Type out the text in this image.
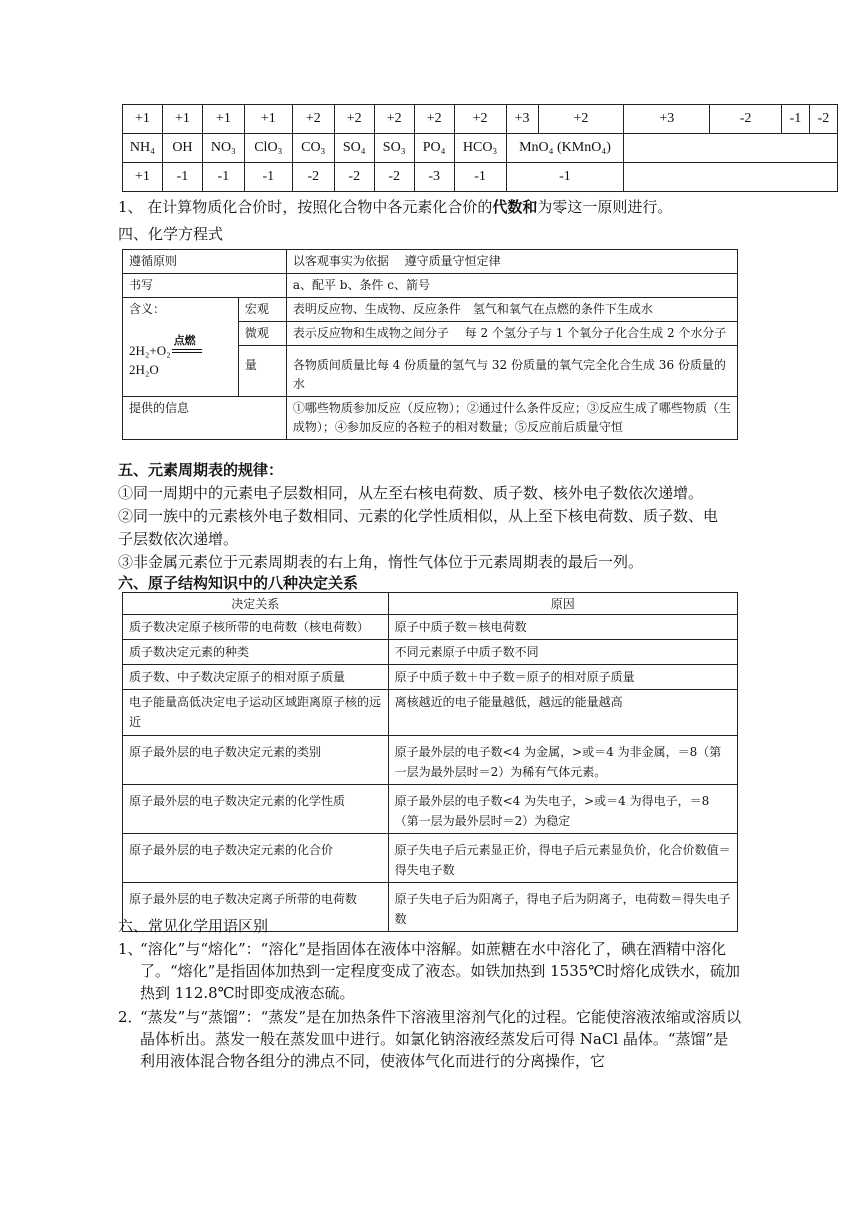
+1	+1	+1	+1	+2	+2	+2	+2	+2	+3	+2	+3	-2	-1	-2
NH₄	OH	NO₃	ClO₃	CO₃	SO₄	SO₃	PO₄	HCO₃	MnO₄ (KMnO₄)					
+1	-1	-1	-1	-2	-2	-2	-3	-1	-1					
1、 在计算物质化合价时，按照化合物中各元素化合价的代数和为零这一原则进行。
四、化学方程式
遵循原则		以客观事实为依据　 遵守质量守恒定律
书写		a、配平 b、条件 c、箭号
含义：
2H₂+O₂
点燃
2H₂O	宏观	表明反应物、生成物、反应条件　氢气和氧气在点燃的条件下生成水
	微观	表示反应物和生成物之间分子　 每 2 个氢分子与 1 个氧分子化合生成 2 个水分子
	量	各物质间质量比每 4 份质量的氢气与 32 份质量的氧气完全化合生成 36 份质量的水
提供的信息		①哪些物质参加反应（反应物）；②通过什么条件反应；③反应生成了哪些物质（生成物）；④参加反应的各粒子的相对数量；⑤反应前后质量守恒
五、元素周期表的规律：
①同一周期中的元素电子层数相同，从左至右核电荷数、质子数、核外电子数依次递增。
②同一族中的元素核外电子数相同、元素的化学性质相似，从上至下核电荷数、质子数、电
子层数依次递增。
③非金属元素位于元素周期表的右上角，惰性气体位于元素周期表的最后一列。
六、原子结构知识中的八种决定关系
决定关系	原因
质子数决定原子核所带的电荷数（核电荷数）	原子中质子数＝核电荷数
质子数决定元素的种类	不同元素原子中质子数不同
质子数、中子数决定原子的相对原子质量	原子中质子数＋中子数＝原子的相对原子质量
电子能量高低决定电子运动区域距离原子核的远近	离核越近的电子能量越低，越远的能量越高
原子最外层的电子数决定元素的类别	原子最外层的电子数<4 为金属，>或＝4 为非金属，＝8（第一层为最外层时＝2）为稀有气体元素。
原子最外层的电子数决定元素的化学性质	原子最外层的电子数<4 为失电子，>或＝4 为得电子，＝8（第一层为最外层时＝2）为稳定
原子最外层的电子数决定元素的化合价	原子失电子后元素显正价，得电子后元素显负价，化合价数值＝得失电子数
原子最外层的电子数决定离子所带的电荷数	原子失电子后为阳离子，得电子后为阴离子，电荷数＝得失电子数
六、常见化学用语区别
1、
“溶化”与“熔化”：“溶化”是指固体在液体中溶解。如蔗糖在水中溶化了，碘在酒精中溶化了。“熔化”是指固体加热到一定程度变成了液态。如铁加热到 1535℃时熔化成铁水，硫加热到 112.8℃时即变成液态硫。
2．
“蒸发”与“蒸馏”：“蒸发”是在加热条件下溶液里溶剂气化的过程。它能使溶液浓缩或溶质以晶体析出。蒸发一般在蒸发皿中进行。如氯化钠溶液经蒸发后可得 NaCl 晶体。“蒸馏”是利用液体混合物各组分的沸点不同，使液体气化而进行的分离操作，它
